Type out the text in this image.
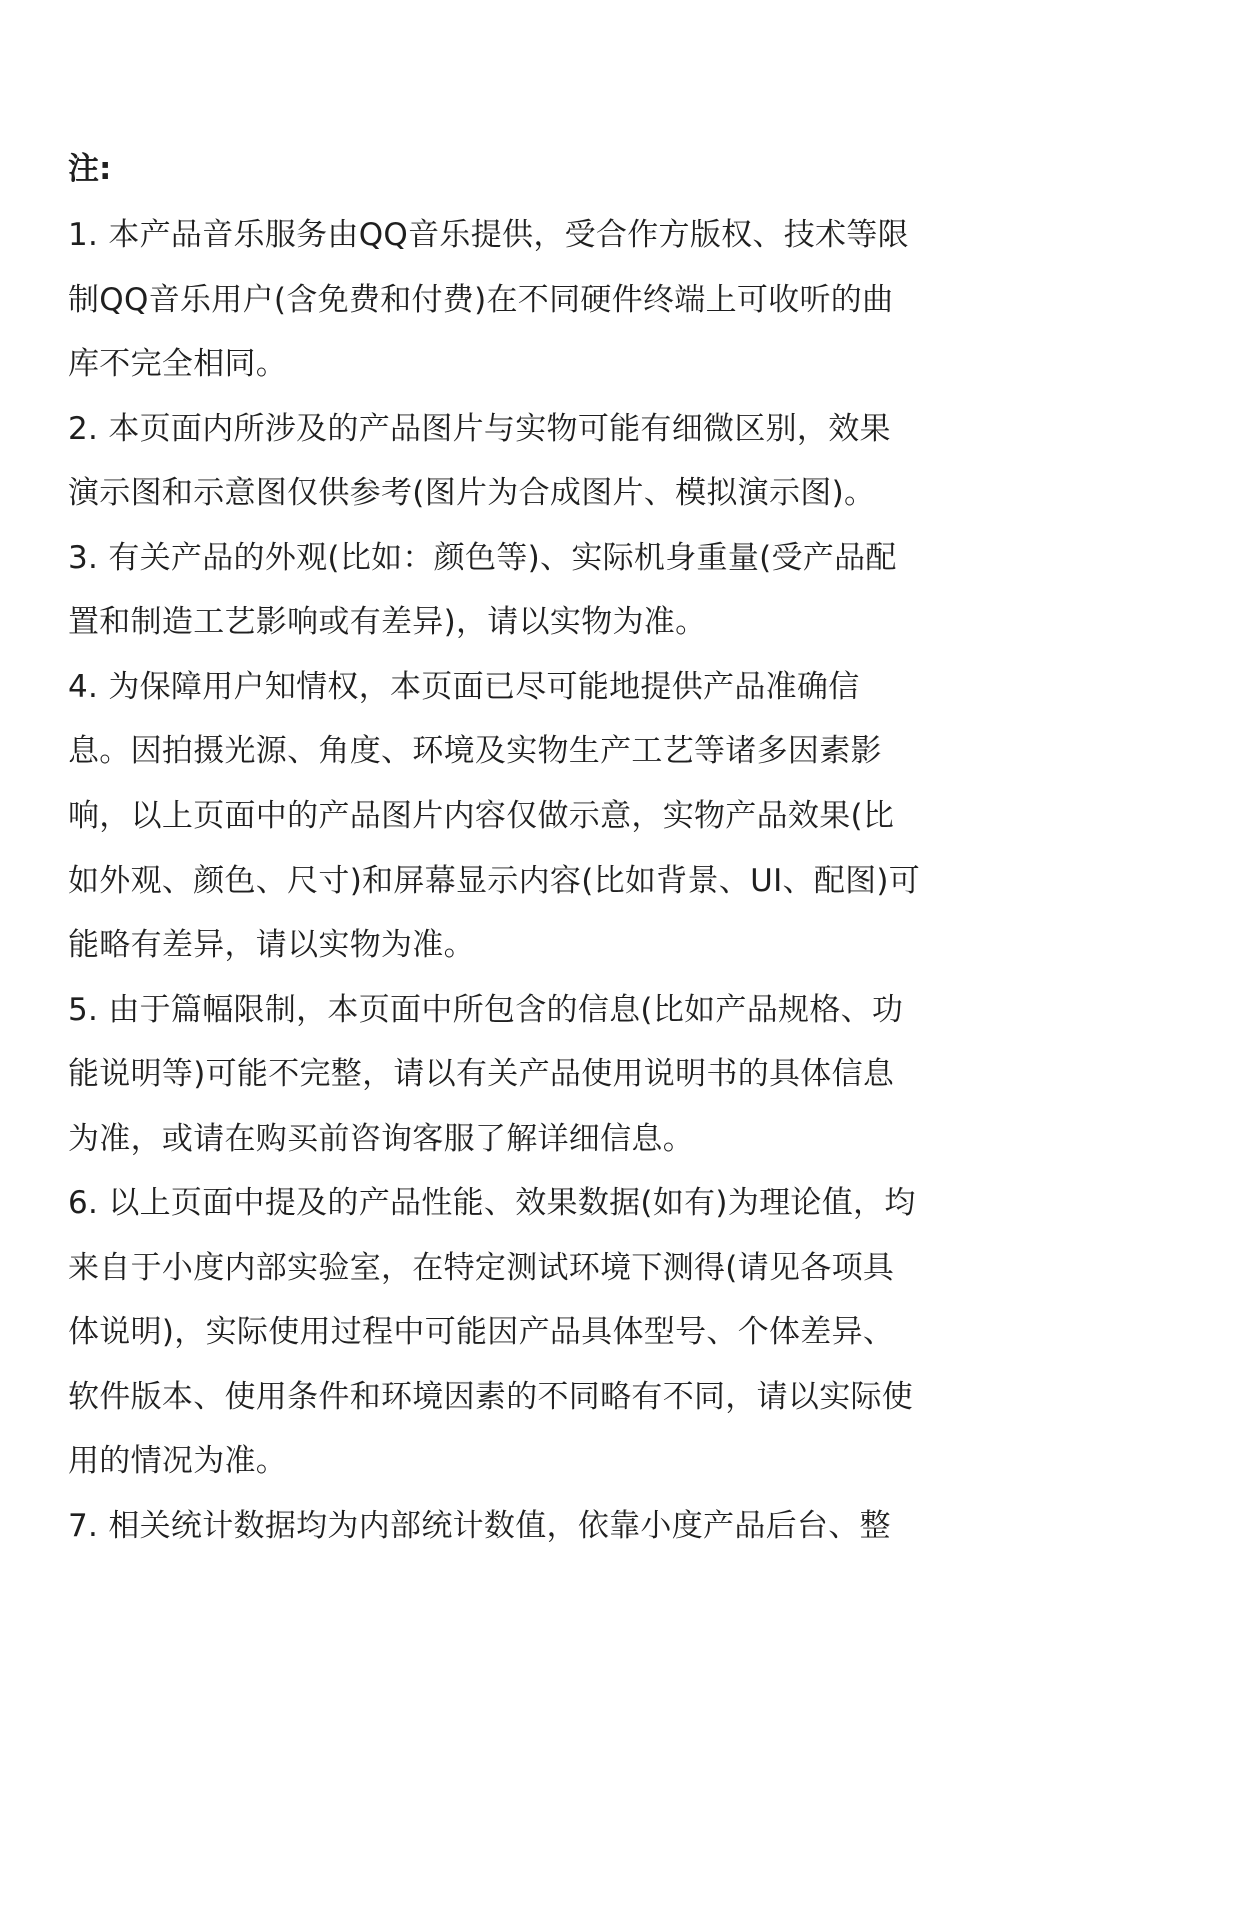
注:

1. 本产品音乐服务由QQ音乐提供，受合作方版权、技术等限

制QQ音乐用户(含免费和付费)在不同硬件终端上可收听的曲

库不完全相同。

2. 本页面内所涉及的产品图片与实物可能有细微区别，效果

演示图和示意图仅供参考(图片为合成图片、模拟演示图)。

3. 有关产品的外观(比如：颜色等)、实际机身重量(受产品配

置和制造工艺影响或有差异)，请以实物为准。

4. 为保障用户知情权，本页面已尽可能地提供产品准确信

息。因拍摄光源、角度、环境及实物生产工艺等诸多因素影

响，以上页面中的产品图片内容仅做示意，实物产品效果(比

如外观、颜色、尺寸)和屏幕显示内容(比如背景、UI、配图)可

能略有差异，请以实物为准。

5. 由于篇幅限制，本页面中所包含的信息(比如产品规格、功

能说明等)可能不完整，请以有关产品使用说明书的具体信息

为准，或请在购买前咨询客服了解详细信息。

6. 以上页面中提及的产品性能、效果数据(如有)为理论值，均

来自于小度内部实验室，在特定测试环境下测得(请见各项具

体说明)，实际使用过程中可能因产品具体型号、个体差异、

软件版本、使用条件和环境因素的不同略有不同，请以实际使

用的情况为准。

7. 相关统计数据均为内部统计数值，依靠小度产品后台、整
